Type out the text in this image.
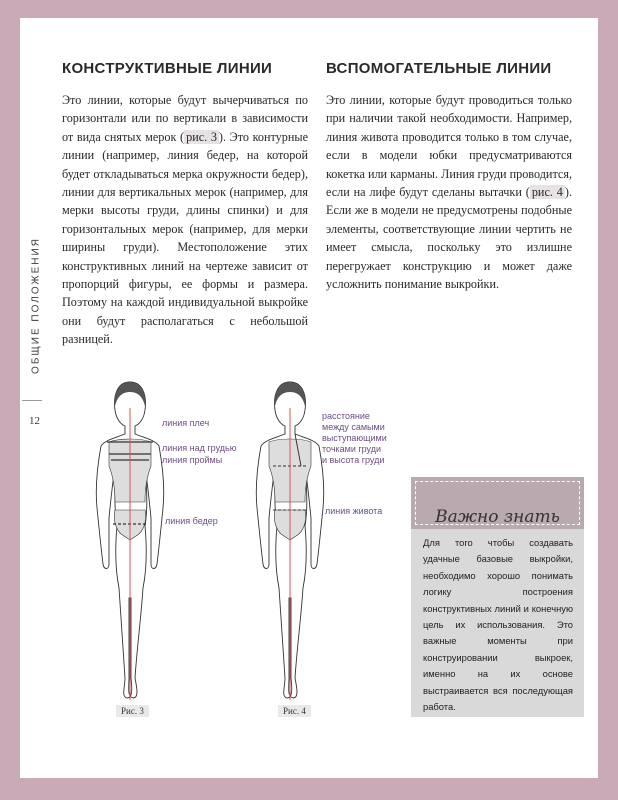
ОБЩИЕ ПОЛОЖЕНИЯ
12
КОНСТРУКТИВНЫЕ ЛИНИИ

Это линии, которые будут вычерчиваться по горизонтали или по вертикали в зависимости от вида снятых мерок ( рис. 3 ). Это контурные линии (например, линия бедер, на которой будет откладываться мерка окружности бедер), линии для вертикальных мерок (например, для мерки высоты груди, длины спинки) и для горизонтальных мерок (например, для мерки ширины груди). Местоположение этих конструктивных линий на чертеже зависит от пропорций фигуры, ее формы и размера. Поэтому на каждой индивидуальной выкройке они будут располагаться с небольшой разницей.

ВСПОМОГАТЕЛЬНЫЕ ЛИНИИ

Это линии, которые будут проводиться только при наличии такой необходимости. Например, линия живота проводится только в том случае, если в модели юбки предусматриваются кокетка или карманы. Линия груди проводится, если на лифе будут сделаны вытачки ( рис. 4 ). Если же в модели не предусмотрены подобные элементы, соответствующие линии чертить не имеет смысла, поскольку это излишне перегружает конструкцию и может даже усложнить понимание выкройки.

линия плеч
линия над грудью
линия проймы
линия бедер
Рис. 3
расстояние
между самыми
выступающими
точками груди
и высота груди
линия живота
Рис. 4
Важно знать
Для того чтобы создавать удачные базовые выкройки, необходимо хорошо понимать логику построения конструктивных линий и конечную цель их использования. Это важные моменты при конструировании выкроек, именно на их основе выстраивается вся последующая работа.
